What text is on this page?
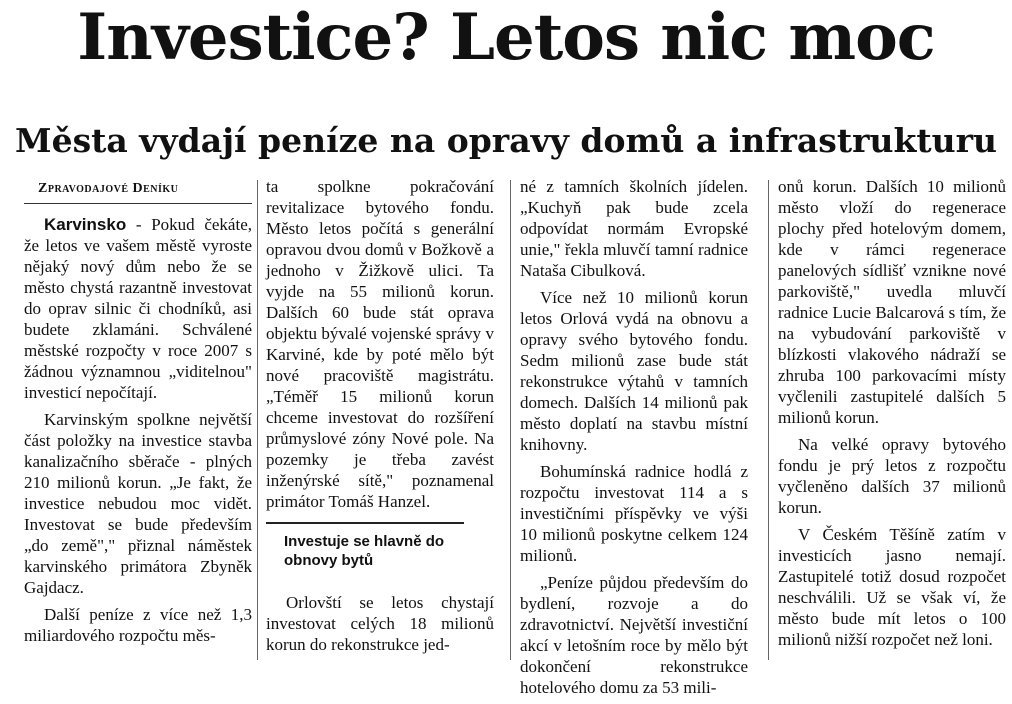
Investice? Letos nic moc
Města vydají peníze na opravy domů a infrastrukturu
Zpravodajové Deníku

Karvinsko - Pokud čekáte, že letos ve vašem městě vyroste nějaký nový dům nebo že se město chystá razantně investovat do oprav silnic či chodníků, asi budete zklamáni. Schválené městské rozpočty v roce 2007 s žádnou významnou „viditelnou" investicí nepočítají.

Karvinským spolkne největší část položky na investice stavba kanalizačního sběrače - plných 210 milionů korun. „Je fakt, že investice nebudou moc vidět. Investovat se bude především „do země"," přiznal náměstek karvinského primátora Zbyněk Gajdacz.

Další peníze z více než 1,3 miliardového rozpočtu měs-

ta spolkne pokračování revitalizace bytového fondu. Město letos počítá s generální opravou dvou domů v Božkově a jednoho v Žižkově ulici. Ta vyjde na 55 milionů korun. Dalších 60 bude stát oprava objektu bývalé vojenské správy v Karviné, kde by poté mělo být nové pracoviště magistrátu. „Téměř 15 milionů korun chceme investovat do rozšíření průmyslové zóny Nové pole. Na pozemky je třeba zavést inženýrské sítě," poznamenal primátor Tomáš Hanzel.

Investuje se hlavně do obnovy bytů

Orlovští se letos chystají investovat celých 18 milionů korun do rekonstrukce jed-

né z tamních školních jídelen. „Kuchyň pak bude zcela odpovídat normám Evropské unie," řekla mluvčí tamní radnice Nataša Cibulková.

Více než 10 milionů korun letos Orlová vydá na obnovu a opravy svého bytového fondu. Sedm milionů zase bude stát rekonstrukce výtahů v tamních domech. Dalších 14 milionů pak město doplatí na stavbu místní knihovny.

Bohumínská radnice hodlá z rozpočtu investovat 114 a s investičními příspěvky ve výši 10 milionů poskytne celkem 124 milionů.

„Peníze půjdou především do bydlení, rozvoje a do zdravotnictví. Největší investiční akcí v letošním roce by mělo být dokončení rekonstrukce hotelového domu za 53 mili-

onů korun. Dalších 10 milionů město vloží do regenerace plochy před hotelovým domem, kde v rámci regenerace panelových sídlišť vznikne nové parkoviště," uvedla mluvčí radnice Lucie Balcarová s tím, že na vybudování parkoviště v blízkosti vlakového nádraží se zhruba 100 parkovacími místy vyčlenili zastupitelé dalších 5 milionů korun.

Na velké opravy bytového fondu je prý letos z rozpočtu vyčleněno dalších 37 milionů korun.

V Českém Těšíně zatím v investicích jasno nemají. Zastupitelé totiž dosud rozpočet neschválili. Už se však ví, že město bude mít letos o 100 milionů nižší rozpočet než loni.
